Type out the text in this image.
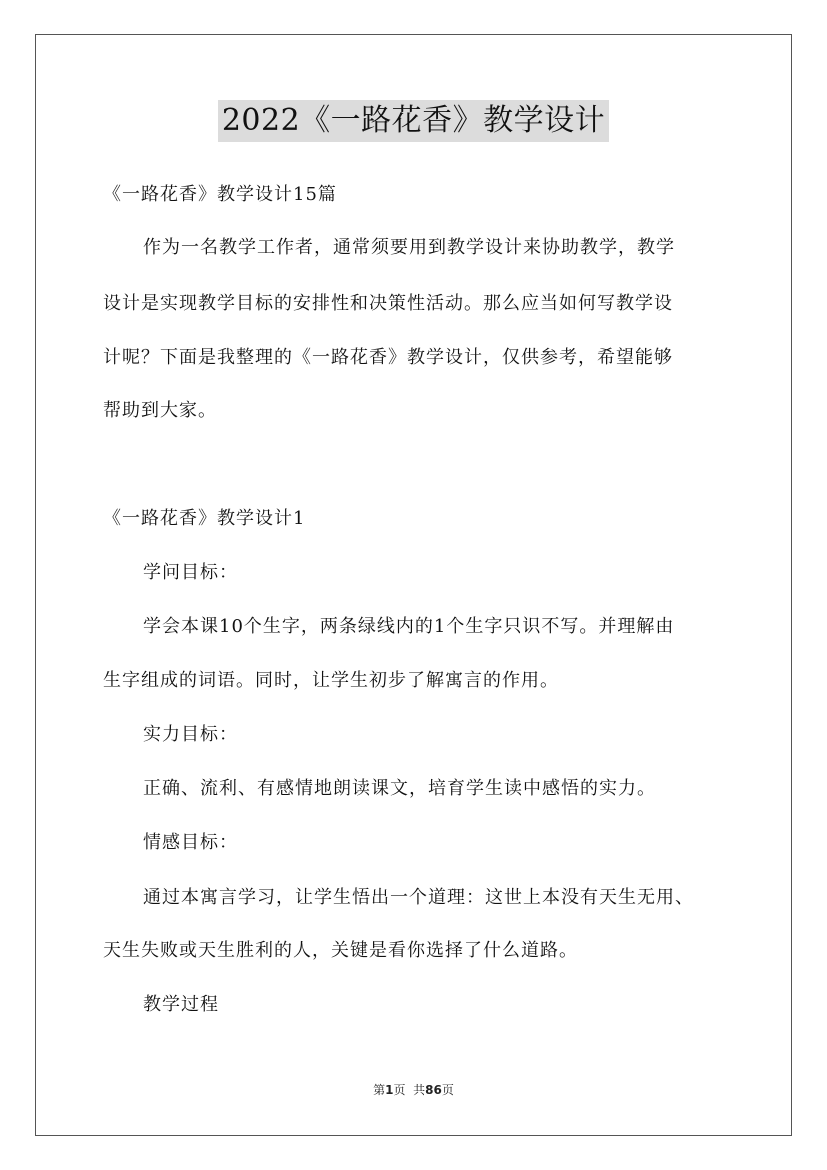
2022《一路花香》教学设计
《一路花香》教学设计15篇
作为一名教学工作者，通常须要用到教学设计来协助教学，教学
设计是实现教学目标的安排性和决策性活动。那么应当如何写教学设
计呢？下面是我整理的《一路花香》教学设计，仅供参考，希望能够
帮助到大家。
《一路花香》教学设计1
学问目标：
学会本课10个生字，两条绿线内的1个生字只识不写。并理解由
生字组成的词语。同时，让学生初步了解寓言的作用。
实力目标：
正确、流利、有感情地朗读课文，培育学生读中感悟的实力。
情感目标：
通过本寓言学习，让学生悟出一个道理：这世上本没有天生无用、
天生失败或天生胜利的人，关键是看你选择了什么道路。
教学过程
第1页  共86页
